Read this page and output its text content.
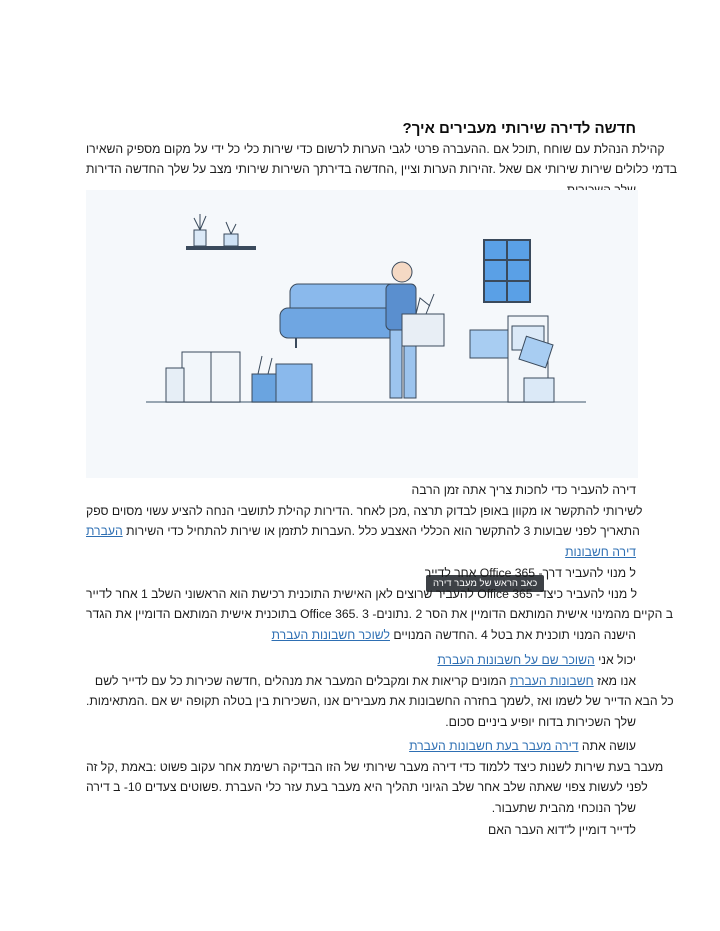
?חדשה לדירה שירותי מעבירים איך
קהילת הנהלת עם שוחח ,תוכל אם .ההעברה פרטי לגבי הערות לרשום כדי שירות כלי כל ידי על מקום מספיק השאירו
בדמי כלולים שירות שירותי אם שאל .זהירות הערות וציין ,החדשה בדירתך השירות שירותי מצב על שלך החדשה הדירות
כאב הראש של מעבר דירה
דירה להעביר כדי לחכות צריך אתה זמן הרבה
לשירותי להתקשר או מקוון באופן לבדוק תרצה ,מכן לאחר .הדירות קהילת לתושבי הנחה להציע עשוי מסוים ספק
התאריך לפני שבועות 3 להתקשר הוא הכללי האצבע כלל .העברות לתזמן או שירות להתחיל כדי השירות העברת
דירה חשבונות
אחר לדייר Office 365 -ל מנוי להעביר דרך
להעביר שרוצים לאן האישית התוכנית רכישת הוא הראשוני השלב 1 אחר לדייר Office 365 -ל מנוי להעביר כיצד
בתוכנית אישית המותאם הדומיין את הגדר Office 365. 3 -ב הקיים מהמינוי אישית המותאם הדומיין את הסר 2 .נתונים
הישנה המנוי תוכנית את בטל 4 .החדשה המנויים לשוכר חשבונות העברת
יכול אני השוכר שם על חשבונות העברת
אנו מאז חשבונות העברת המונים קריאות את ומקבלים המעבר את מנהלים ,חדשה שכירות כל עם לדייר לשם
.כל הבא הדייר של לשמו ואז ,לשמך בחזרה החשבונות את מעבירים אנו ,השכירות בין בטלה תקופה יש אם .המתאימות
.שלך השכירות בדוח יופיע ביניים סכום
עושה אתה דירה מעבר בעת חשבונות העברת
מעבר בעת שירות לשנות כיצד ללמוד כדי דירה מעבר שירותי של הזו הבדיקה רשימת אחר עקוב פשוט :באמת ,קל זה
לפני לעשות צפוי שאתה שלב אחר שלב הגיוני תהליך היא מעבר בעת עזר כלי העברת .פשוטים צעדים 10- ב דירה
.שלך הנוכחי מהבית שתעבור
לדייר דומיין ל"דוא העבר האם
